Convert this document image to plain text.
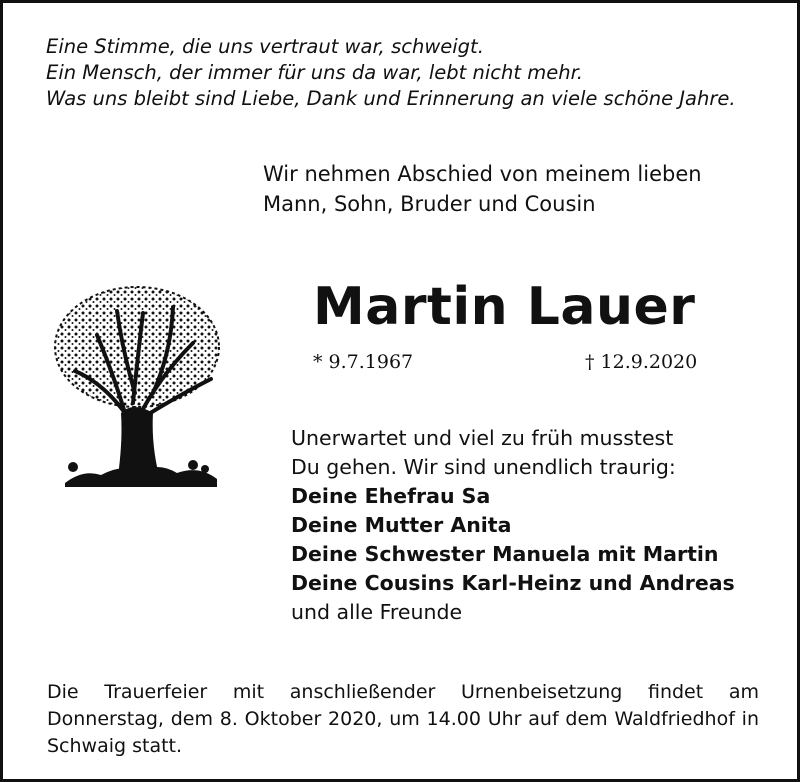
Eine Stimme, die uns vertraut war, schweigt.
Ein Mensch, der immer für uns da war, lebt nicht mehr.
Was uns bleibt sind Liebe, Dank und Erinnerung an viele schöne Jahre.
Wir nehmen Abschied von meinem lieben
Mann, Sohn, Bruder und Cousin
Martin Lauer
* 9.7.1967	† 12.9.2020
Unerwartet und viel zu früh musstest
Du gehen. Wir sind unendlich traurig:
Deine Ehefrau Sa
Deine Mutter Anita
Deine Schwester Manuela mit Martin
Deine Cousins Karl-Heinz und Andreas
und alle Freunde
Die Trauerfeier mit anschließender Urnenbeisetzung findet am Donnerstag, dem 8. Oktober 2020, um 14.00 Uhr auf dem Waldfriedhof in Schwaig statt.
